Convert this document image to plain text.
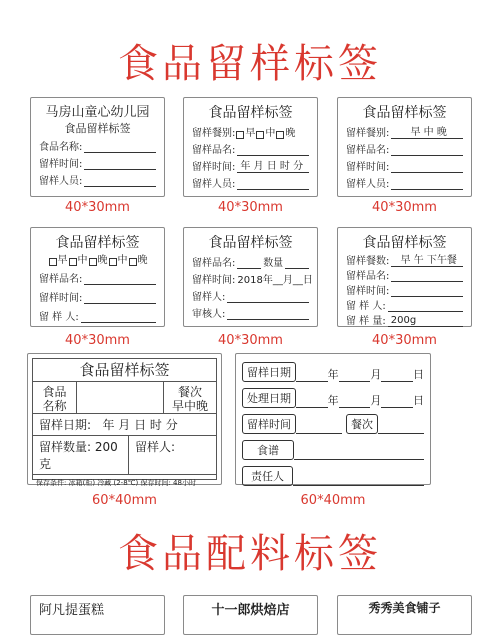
食品留样标签
马房山童心幼儿园
食品留样标签
食品名称:
留样时间:
留样人员:
40*30mm
食品留样标签
留样餐别: 早 中 晚
留样品名:
留样时间: 年 月 日 时 分
留样人员:
40*30mm
食品留样标签
留样餐别:	早 中 晚
留样品名:
留样时间:
留样人员:
40*30mm
食品留样标签
早 中 晚 中 晚
留样品名:
留样时间:
留 样 人:
40*30mm
食品留样标签
留样品名:	数量
留样时间: 2018年__月__日
留样人:
审核人:
40*30mm
食品留样标签
留样餐数:	早 午 下午餐
留样品名:
留样时间:
留 样 人:
留 样 量: 200g
40*30mm
食品留样标签
食品
名称
餐次
早中晚
留样日期:   年 月 日 时 分
留样数量: 200克
留样人:
保存条件: 冰箱(柜) 冷藏 (2-8℃) 保存时间: 48小时
60*40mm
留样日期	年	月	日
处理日期	年	月	日
留样时间	餐次
食谱
责任人
60*40mm
食品配料标签
阿凡提蛋糕	十一郎烘焙店	秀秀美食铺子
